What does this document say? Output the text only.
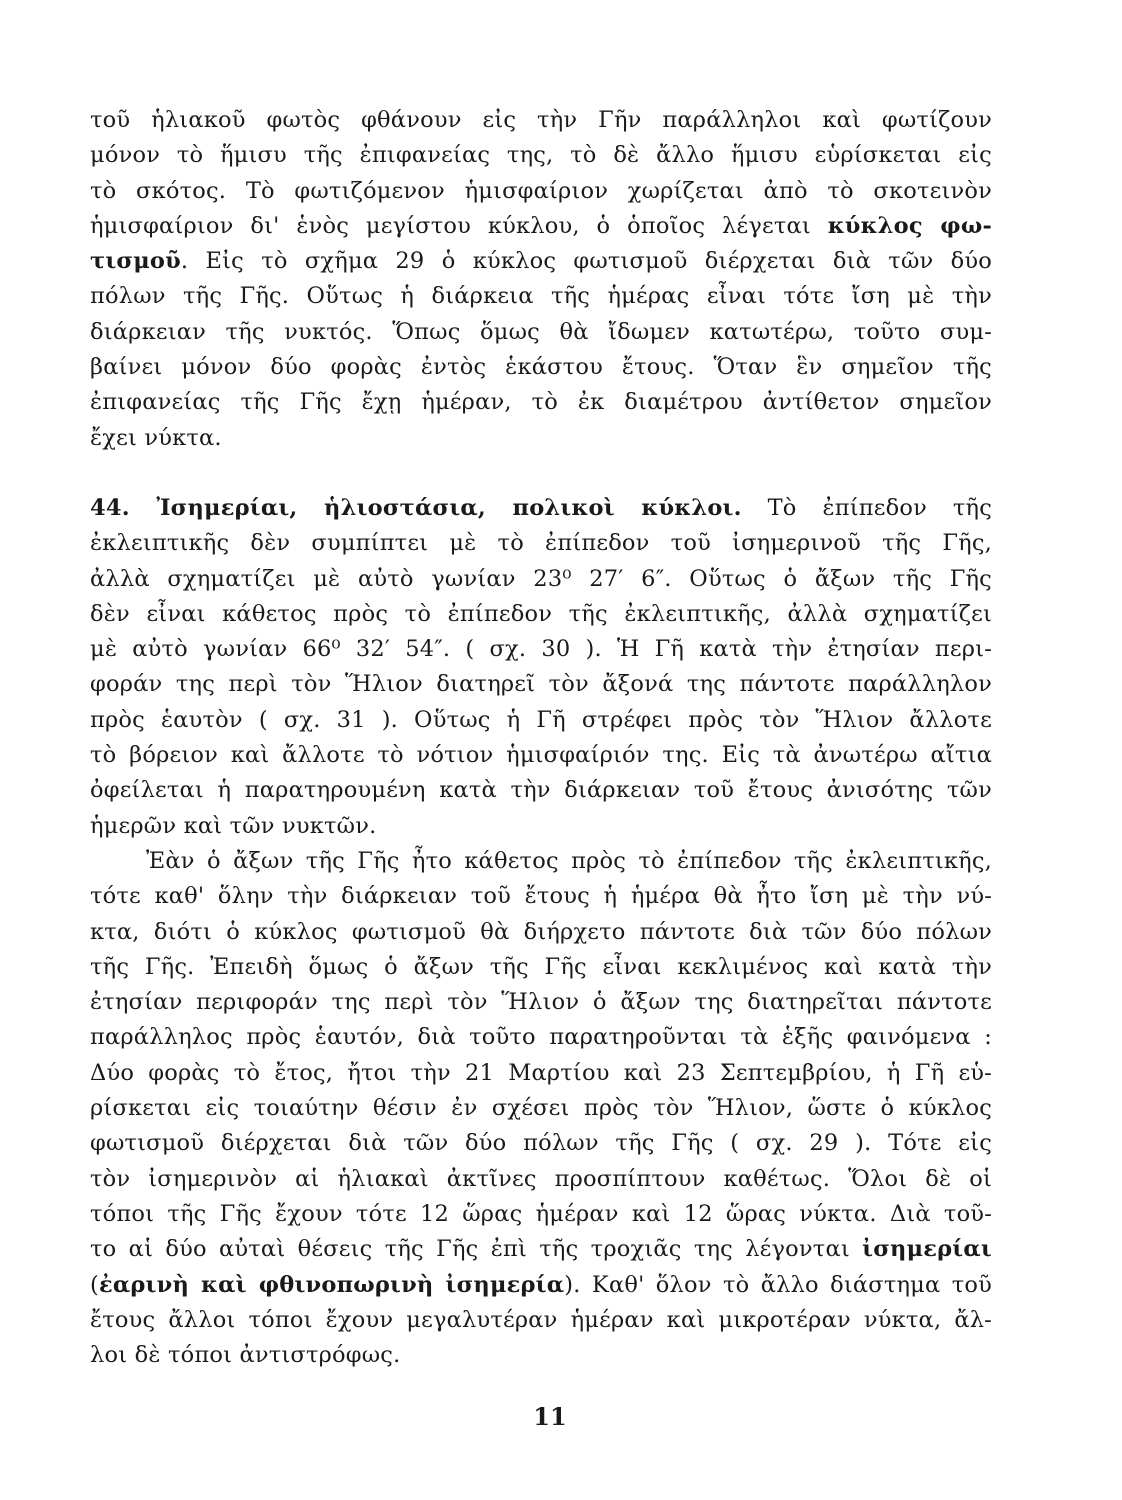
τοῦ ἡλιακοῦ φωτὸς φθάνουν εἰς τὴν Γῆν παράλληλοι καὶ φωτίζουν
μόνον τὸ ἥμισυ τῆς ἐπιφανείας της, τὸ δὲ ἄλλο ἥμισυ εὑρίσκεται εἰς
τὸ σκότος. Τὸ φωτιζόμενον ἡμισφαίριον χωρίζεται ἀπὸ τὸ σκοτεινὸν
ἡμισφαίριον δι' ἑνὸς μεγίστου κύκλου, ὁ ὁποῖος λέγεται κύκλος φω-
τισμοῦ. Εἰς τὸ σχῆμα 29 ὁ κύκλος φωτισμοῦ διέρχεται διὰ τῶν δύο
πόλων τῆς Γῆς. Οὕτως ἡ διάρκεια τῆς ἡμέρας εἶναι τότε ἴση μὲ τὴν
διάρκειαν τῆς νυκτός. Ὅπως ὅμως θὰ ἴδωμεν κατωτέρω, τοῦτο συμ-
βαίνει μόνον δύο φορὰς ἐντὸς ἑκάστου ἔτους. Ὅταν ἓν σημεῖον τῆς
ἐπιφανείας τῆς Γῆς ἔχῃ ἡμέραν, τὸ ἐκ διαμέτρου ἀντίθετον σημεῖον
ἔχει νύκτα.
44. Ἰσημερίαι, ἡλιοστάσια, πολικοὶ κύκλοι. Τὸ ἐπίπεδον τῆς
ἐκλειπτικῆς δὲν συμπίπτει μὲ τὸ ἐπίπεδον τοῦ ἰσημερινοῦ τῆς Γῆς,
ἀλλὰ σχηματίζει μὲ αὐτὸ γωνίαν 23⁰ 27′ 6″. Οὕτως ὁ ἄξων τῆς Γῆς
δὲν εἶναι κάθετος πρὸς τὸ ἐπίπεδον τῆς ἐκλειπτικῆς, ἀλλὰ σχηματίζει
μὲ αὐτὸ γωνίαν 66⁰ 32′ 54″. ( σχ. 30 ). Ἡ Γῆ κατὰ τὴν ἐτησίαν περι-
φοράν της περὶ τὸν Ἥλιον διατηρεῖ τὸν ἄξονά της πάντοτε παράλληλον
πρὸς ἑαυτὸν ( σχ. 31 ). Οὕτως ἡ Γῆ στρέφει πρὸς τὸν Ἥλιον ἄλλοτε
τὸ βόρειον καὶ ἄλλοτε τὸ νότιον ἡμισφαίριόν της. Εἰς τὰ ἀνωτέρω αἴτια
ὀφείλεται ἡ παρατηρουμένη κατὰ τὴν διάρκειαν τοῦ ἔτους ἀνισότης τῶν
ἡμερῶν καὶ τῶν νυκτῶν.
Ἐὰν ὁ ἄξων τῆς Γῆς ἦτο κάθετος πρὸς τὸ ἐπίπεδον τῆς ἐκλειπτικῆς,
τότε καθ' ὅλην τὴν διάρκειαν τοῦ ἔτους ἡ ἡμέρα θὰ ἦτο ἴση μὲ τὴν νύ-
κτα, διότι ὁ κύκλος φωτισμοῦ θὰ διήρχετο πάντοτε διὰ τῶν δύο πόλων
τῆς Γῆς. Ἐπειδὴ ὅμως ὁ ἄξων τῆς Γῆς εἶναι κεκλιμένος καὶ κατὰ τὴν
ἐτησίαν περιφοράν της περὶ τὸν Ἥλιον ὁ ἄξων της διατηρεῖται πάντοτε
παράλληλος πρὸς ἑαυτόν, διὰ τοῦτο παρατηροῦνται τὰ ἑξῆς φαινόμενα :
Δύο φορὰς τὸ ἔτος, ἤτοι τὴν 21 Μαρτίου καὶ 23 Σεπτεμβρίου, ἡ Γῆ εὑ-
ρίσκεται εἰς τοιαύτην θέσιν ἐν σχέσει πρὸς τὸν Ἥλιον, ὥστε ὁ κύκλος
φωτισμοῦ διέρχεται διὰ τῶν δύο πόλων τῆς Γῆς ( σχ. 29 ). Τότε εἰς
τὸν ἰσημερινὸν αἱ ἡλιακαὶ ἀκτῖνες προσπίπτουν καθέτως. Ὅλοι δὲ οἱ
τόποι τῆς Γῆς ἔχουν τότε 12 ὥρας ἡμέραν καὶ 12 ὥρας νύκτα. Διὰ τοῦ-
το αἱ δύο αὐταὶ θέσεις τῆς Γῆς ἐπὶ τῆς τροχιᾶς της λέγονται ἰσημερίαι
(ἐαρινὴ καὶ φθινοπωρινὴ ἰσημερία). Καθ' ὅλον τὸ ἄλλο διάστημα τοῦ
ἔτους ἄλλοι τόποι ἔχουν μεγαλυτέραν ἡμέραν καὶ μικροτέραν νύκτα, ἄλ-
λοι δὲ τόποι ἀντιστρόφως.
11
